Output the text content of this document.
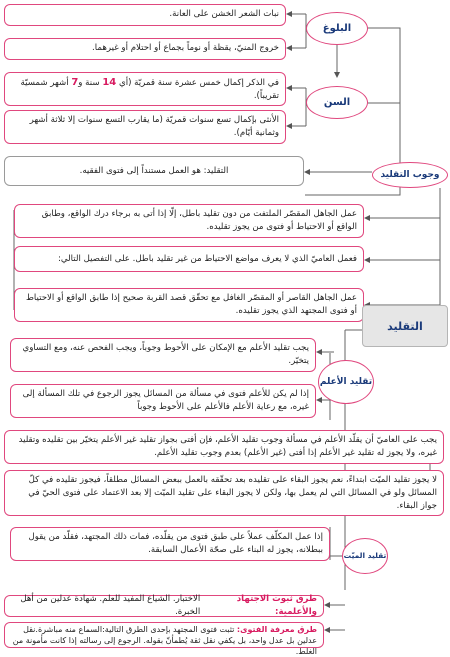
نبات الشعر الخشن على العانة.
خروج المنيّ، يقظة أو نوماً بجماع أو احتلام أو غيرهما.
البلوغ
في الذكر إكمال خمس عشرة سنة قمريّة (أي 14 سنة و7 أشهر شمسيّة تقريباً).
الأنثى بإكمال تسع سنوات قمريّة (ما يقارب التسع سنوات إلا ثلاثة أشهر وثمانية أيّام).
السن
التقليد: هو العمل مستنداً إلى فتوى الفقيه.	وجوب التقليد
عمل الجاهل المقصّر الملتفت من دون تقليد باطل، إلّا إذا أتى به برجاء درك الواقع، وطابق الواقع أو الاحتياط أو فتوى من يجوز تقليده.
فعمل العاميّ الذي لا يعرف مواضع الاحتياط من غير تقليد باطل. على التفصيل التالي:
عمل الجاهل القاصر أو المقصّر الغافل مع تحقّق قصد القربة صحيح إذا طابق الواقع أو الاحتياط أو فتوى المجتهد الذي يجوز تقليده.
التقليد
يجب تقليد الأعلم مع الإمكان على الأحوط وجوباً، ويجب الفحص عنه، ومع التساوي يتخيّر.
إذا لم يكن للأعلم فتوى في مسألة من المسائل يجوز الرجوع في تلك المسألة إلى غيره، مع رعاية الأعلم فالأعلم على الأحوط وجوباً
تقليد الأعلم
يجب على العاميّ أن يقلّد الأعلم في مسألة وجوب تقليد الأعلم، فإن أفتى بجواز تقليد غير الأعلم يتخيّر بين تقليده وتقليد غيره، ولا يجوز له تقليد غير الأعلم إذا أفتى (غير الأعلم) بعدم وجوب تقليد الأعلم.
لا يجوز تقليد الميّت ابتداءً، نعم يجوز البقاء على تقليده بعد تحقّقه بالعمل ببعض المسائل مطلقاً، فيجوز تقليده في كلّ المسائل ولو في المسائل التي لم يعمل بها، ولكن لا يجوز البقاء على تقليد الميّت إلا بعد الاعتماد على فتوى الحيّ في جواز البقاء.
إذا عمل المكلّف عملاً على طبق فتوى من يقلّده، فمات ذلك المجتهد، فقلّد من يقول ببطلانه، يجوز له البناء على صحّة الأعمال السابقة.
تقليد الميّت
طرق ثبوت الاجتهاد والأعلمية:

الاختبار. الشياع المفيد للعلم. شهادة عدلين من أهل الخبرة.
طرق معرفة الفتوى: تثبت فتوى المجتهد بإحدى الطرق التالية:السماع منه مباشرة.نقل عدلين بل عدل واحد، بل يكفي نقل ثقة يُطمأنّ بقوله. الرجوع إلى رسالته إذا كانت مأمونة من الغلط.
